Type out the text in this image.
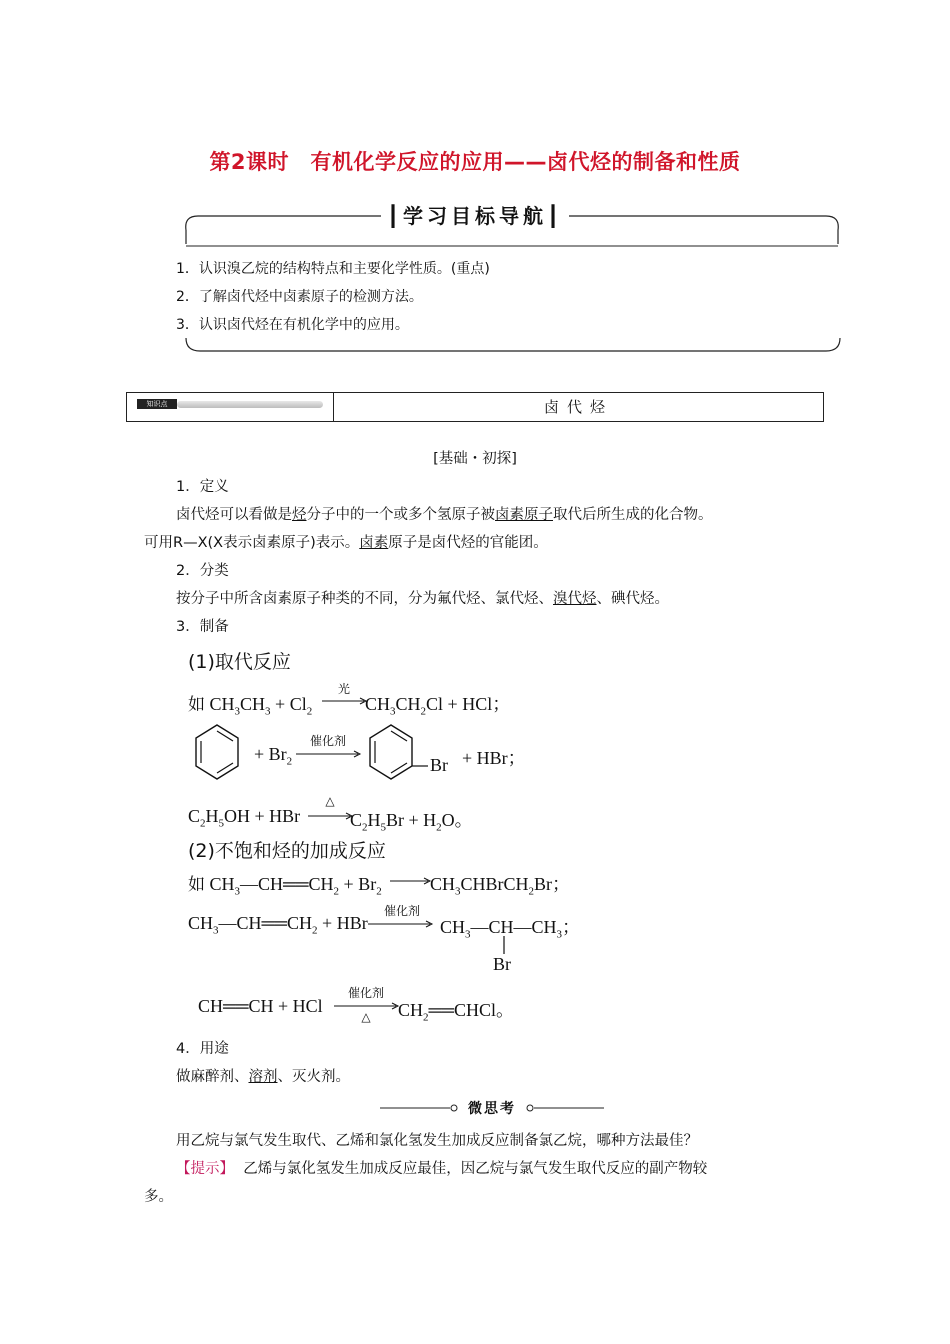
第2课时　有机化学反应的应用——卤代烃的制备和性质
┃学习目标导航┃
1．认识溴乙烷的结构特点和主要化学性质。(重点)
2．了解卤代烃中卤素原子的检测方法。
3．认识卤代烃在有机化学中的应用。
知识点	卤代烃
[基础・初探]
1．定义
卤代烃可以看做是烃分子中的一个或多个氢原子被卤素原子取代后所生成的化合物。
可用R—X(X表示卤素原子)表示。卤素原子是卤代烃的官能团。
2．分类
按分子中所含卤素原子种类的不同，分为氟代烃、氯代烃、溴代烃、碘代烃。
3．制备
(1)取代反应
如 $CH_3CH_3 + Cl_2$
光
$CH_3CH_2Cl$ + HCl；
+ $Br_2$
催化剂
Br + HBr；
$C_2H_5OH$ + HBr
△
$C_2H_5Br + H_2O$。
(2)不饱和烃的加成反应
如 $CH_3—CH══CH_2 + Br_2$	$CH_3CHBrCH_2Br$；
$CH_3—CH══CH_2$ + HBr
催化剂
$CH_3—CH—CH_3$；
Br
CH══CH + HCl
催化剂
△	$CH_2══CHCl$。
4．用途
做麻醉剂、溶剂、灭火剂。
微思考
用乙烷与氯气发生取代、乙烯和氯化氢发生加成反应制备氯乙烷，哪种方法最佳？
【提示】 乙烯与氯化氢发生加成反应最佳，因乙烷与氯气发生取代反应的副产物较
多。
